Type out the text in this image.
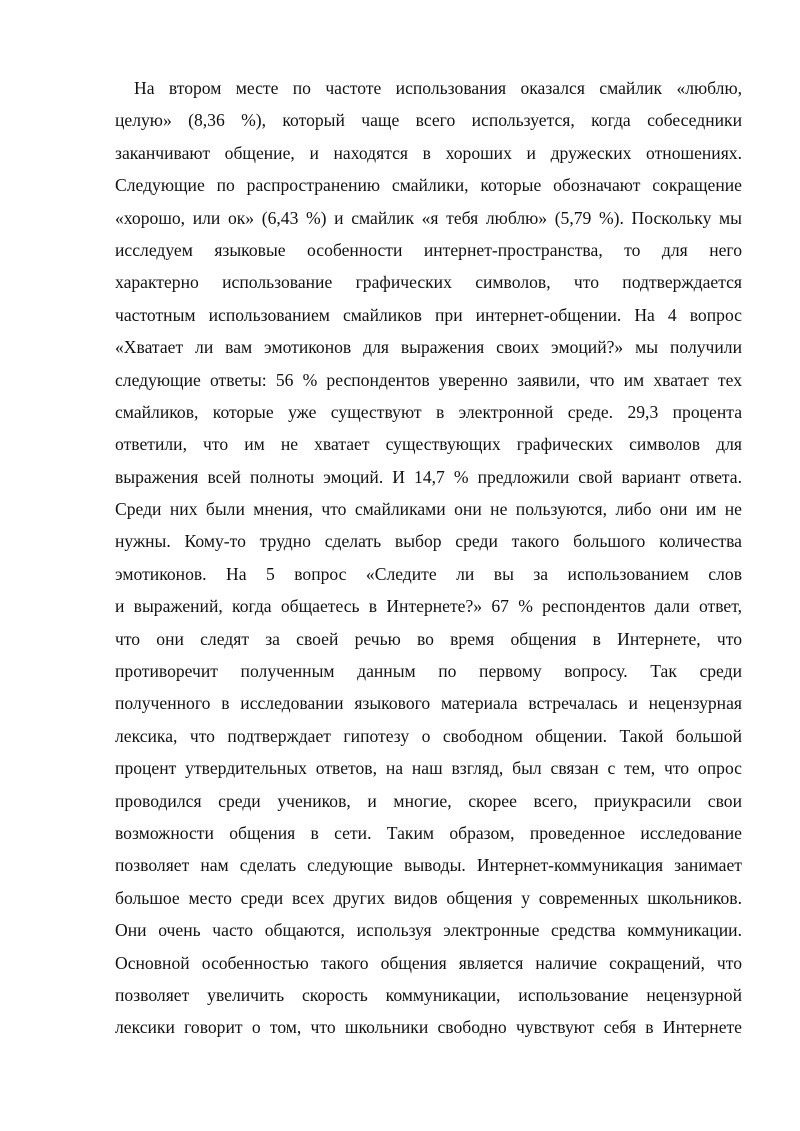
На втором месте по частоте использования оказался смайлик «люблю,
целую» (8,36 %), который чаще всего используется, когда собеседники
заканчивают общение, и находятся в хороших и дружеских отношениях.
Следующие по распространению смайлики, которые обозначают сокращение
«хорошо, или ок» (6,43 %) и смайлик «я тебя люблю» (5,79 %). Поскольку мы
исследуем языковые особенности интернет-пространства, то для него
характерно использование графических символов, что подтверждается
частотным использованием смайликов при интернет-общении. На 4 вопрос
«Хватает ли вам эмотиконов для выражения своих эмоций?» мы получили
следующие ответы: 56 % респондентов уверенно заявили, что им хватает тех
смайликов, которые уже существуют в электронной среде. 29,3 процента
ответили, что им не хватает существующих графических символов для
выражения всей полноты эмоций. И 14,7 % предложили свой вариант ответа.
Среди них были мнения, что смайликами они не пользуются, либо они им не
нужны. Кому-то трудно сделать выбор среди такого большого количества
эмотиконов. На 5 вопрос «Следите ли вы за использованием слов
и выражений, когда общаетесь в Интернете?» 67 % респондентов дали ответ,
что они следят за своей речью во время общения в Интернете, что
противоречит полученным данным по первому вопросу. Так среди
полученного в исследовании языкового материала встречалась и нецензурная
лексика, что подтверждает гипотезу о свободном общении. Такой большой
процент утвердительных ответов, на наш взгляд, был связан с тем, что опрос
проводился среди учеников, и многие, скорее всего, приукрасили свои
возможности общения в сети. Таким образом, проведенное исследование
позволяет нам сделать следующие выводы. Интернет-коммуникация занимает
большое место среди всех других видов общения у современных школьников.
Они очень часто общаются, используя электронные средства коммуникации.
Основной особенностью такого общения является наличие сокращений, что
позволяет увеличить скорость коммуникации, использование нецензурной
лексики говорит о том, что школьники свободно чувствуют себя в Интернете
